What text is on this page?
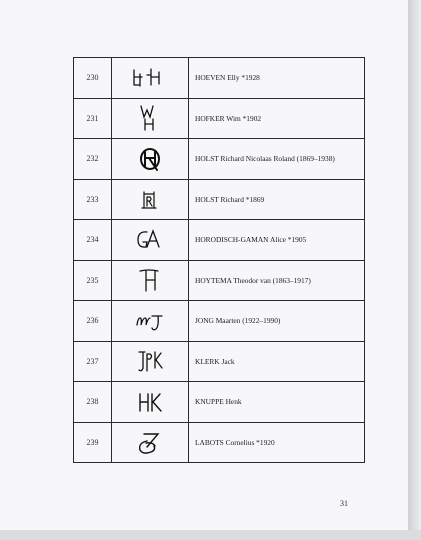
230		HOEVEN Elly *1928
231		HOFKER Wim *1902
232		HOLST Richard Nicolaas Roland (1869–1938)
233		HOLST Richard *1869
234		HORODISCH-GAMAN Alice *1905
235		HOYTEMA Theodor van (1863–1917)
236		JONG Maarten (1922–1990)
237		KLERK Jack
238		KNUPPE Henk
239		LABOTS Cornelius *1920
31
